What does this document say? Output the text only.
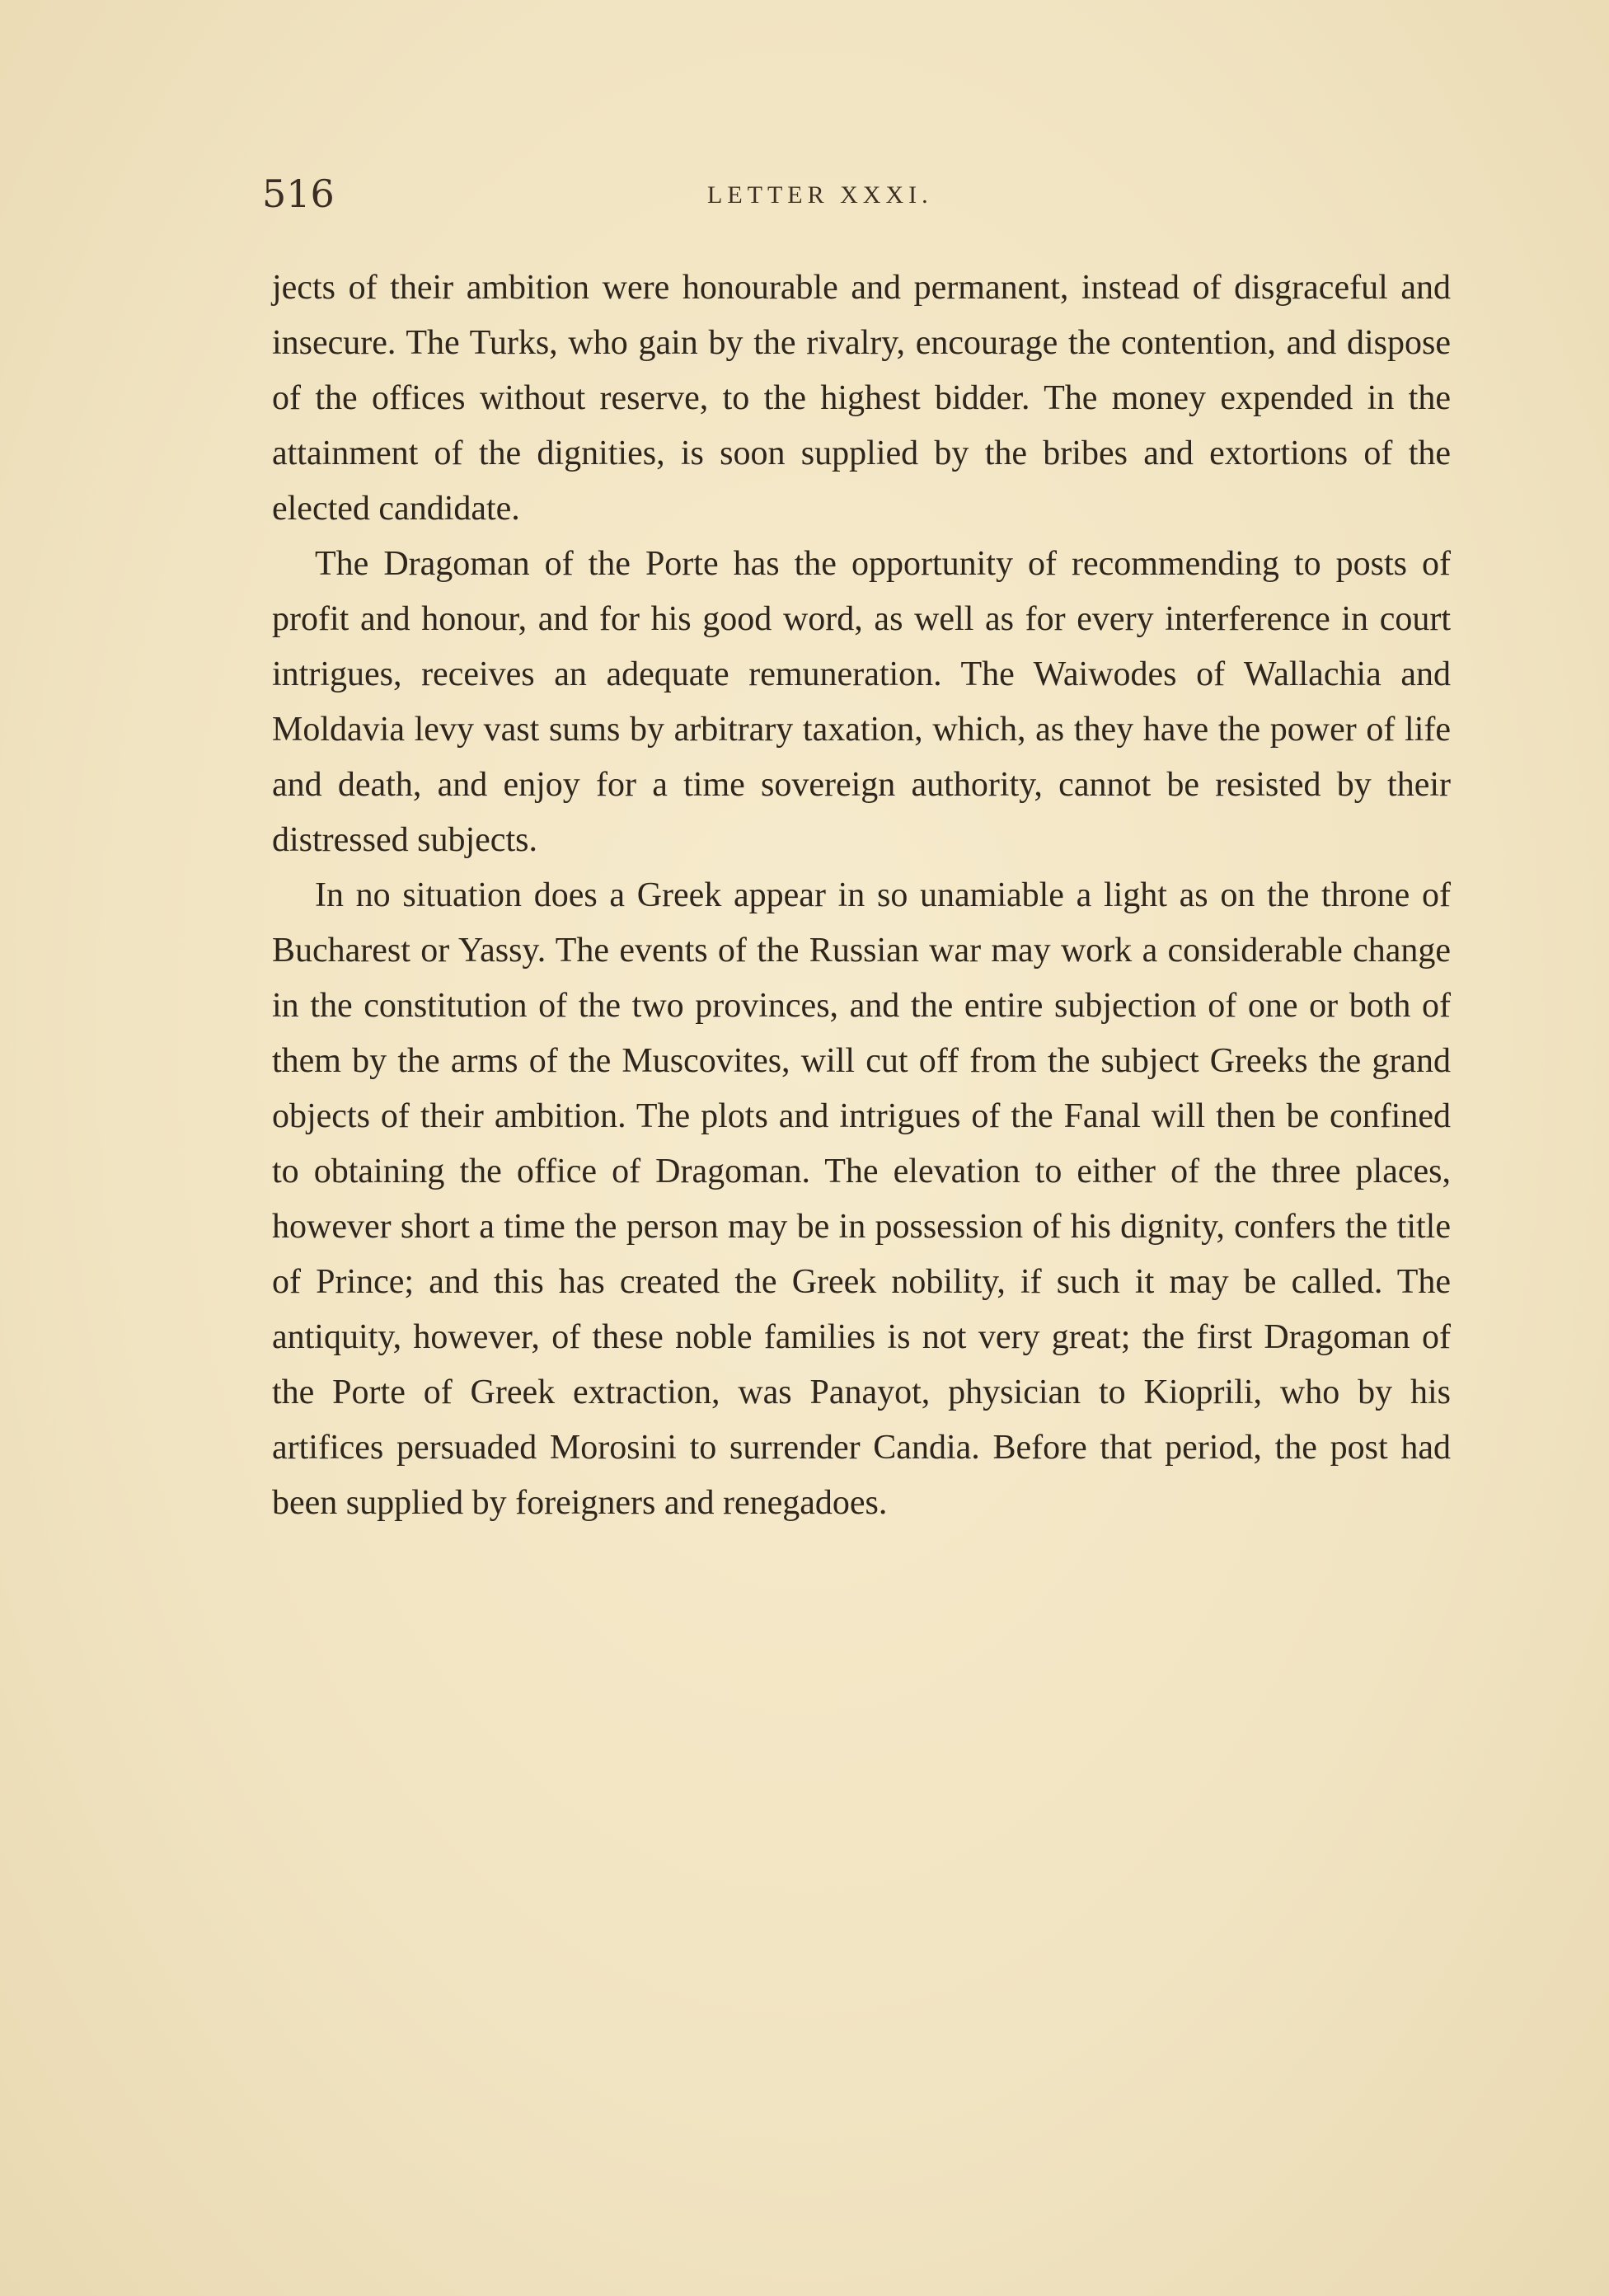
516	LETTER XXXI.

jects of their ambition were honourable and permanent, instead of disgraceful and insecure. The Turks, who gain by the rivalry, encourage the contention, and dispose of the offices without reserve, to the highest bidder. The money expended in the attainment of the dignities, is soon supplied by the bribes and extortions of the elected candidate.

The Dragoman of the Porte has the opportunity of recommending to posts of profit and honour, and for his good word, as well as for every interference in court intrigues, receives an adequate remuneration. The Waiwodes of Wallachia and Moldavia levy vast sums by arbitrary taxation, which, as they have the power of life and death, and enjoy for a time sovereign authority, cannot be resisted by their distressed subjects.

In no situation does a Greek appear in so unamiable a light as on the throne of Bucharest or Yassy. The events of the Russian war may work a considerable change in the constitution of the two provinces, and the entire subjection of one or both of them by the arms of the Muscovites, will cut off from the subject Greeks the grand objects of their ambition. The plots and intrigues of the Fanal will then be confined to obtaining the office of Dragoman. The elevation to either of the three places, however short a time the person may be in possession of his dignity, confers the title of Prince; and this has created the Greek nobility, if such it may be called. The antiquity, however, of these noble families is not very great; the first Dragoman of the Porte of Greek extraction, was Panayot, physician to Kioprili, who by his artifices persuaded Morosini to surrender Candia. Before that period, the post had been supplied by foreigners and renegadoes.
